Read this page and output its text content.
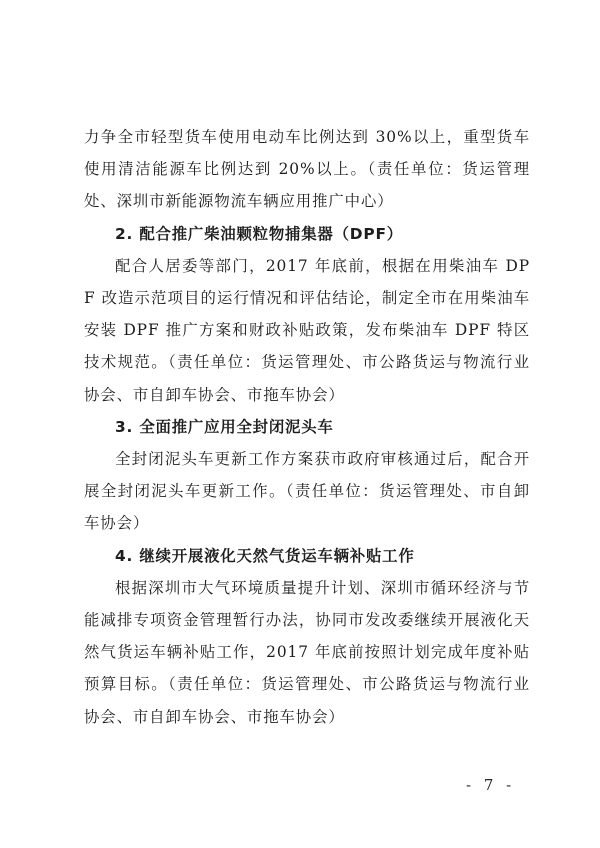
力争全市轻型货车使用电动车比例达到 30%以上，重型货车使用清洁能源车比例达到 20%以上。（责任单位：货运管理处、深圳市新能源物流车辆应用推广中心）

2. 配合推广柴油颗粒物捕集器（DPF）

配合人居委等部门，2017 年底前，根据在用柴油车 DPF 改造示范项目的运行情况和评估结论，制定全市在用柴油车安装 DPF 推广方案和财政补贴政策，发布柴油车 DPF 特区技术规范。（责任单位：货运管理处、市公路货运与物流行业协会、市自卸车协会、市拖车协会）

3. 全面推广应用全封闭泥头车

全封闭泥头车更新工作方案获市政府审核通过后，配合开展全封闭泥头车更新工作。（责任单位：货运管理处、市自卸车协会）

4. 继续开展液化天然气货运车辆补贴工作

根据深圳市大气环境质量提升计划、深圳市循环经济与节能减排专项资金管理暂行办法，协同市发改委继续开展液化天然气货运车辆补贴工作，2017 年底前按照计划完成年度补贴预算目标。（责任单位：货运管理处、市公路货运与物流行业协会、市自卸车协会、市拖车协会）

- 7 -
